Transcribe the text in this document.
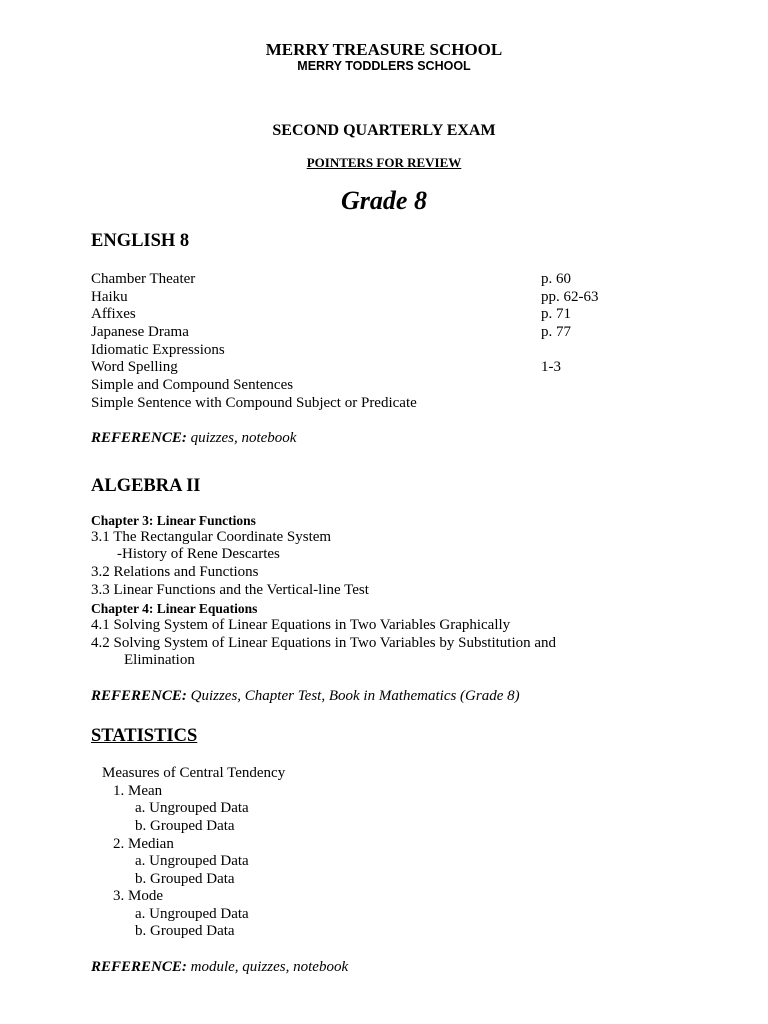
MERRY TREASURE SCHOOL
MERRY TODDLERS SCHOOL
SECOND QUARTERLY EXAM
POINTERS FOR REVIEW
Grade 8
ENGLISH 8
Chamber Theater	p. 60
Haiku	pp. 62-63
Affixes	p. 71
Japanese Drama	p. 77
Idiomatic Expressions
Word Spelling	1-3
Simple and Compound Sentences
Simple Sentence with Compound Subject or Predicate
REFERENCE: quizzes, notebook
ALGEBRA II
Chapter 3: Linear Functions
3.1 The Rectangular Coordinate System
-History of Rene Descartes
3.2 Relations and Functions
3.3 Linear Functions and the Vertical-line Test
Chapter 4: Linear Equations
4.1 Solving System of Linear Equations in Two Variables Graphically
4.2 Solving System of Linear Equations in Two Variables by Substitution and
Elimination
REFERENCE: Quizzes, Chapter Test, Book in Mathematics (Grade 8)
STATISTICS
Measures of Central Tendency
1. Mean
a. Ungrouped Data
b. Grouped Data
2. Median
a. Ungrouped Data
b. Grouped Data
3. Mode
a. Ungrouped Data
b. Grouped Data
REFERENCE: module, quizzes, notebook
